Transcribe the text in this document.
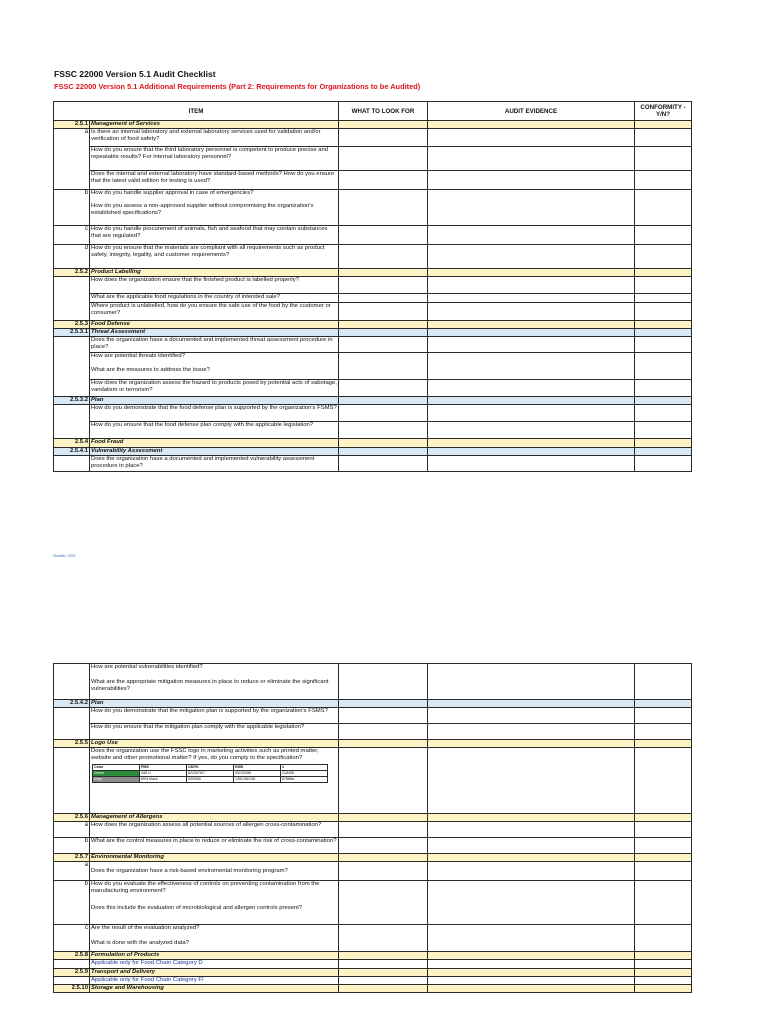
FSSC 22000 Version 5.1 Audit Checklist
FSSC 22000 Version 5.1 Additional Requirements (Part 2: Requirements for Organizations to be Audited)
ITEM		WHAT TO LOOK FOR	AUDIT EVIDENCE	CONFORMITY - Y/N?
2.5.1	Management of Services			
a	Is there an internal laboratory and external laboratory services used for validation and/or verification of food safety?			
	How do you ensure that the third laboratory personnel is competent to produce precise and repeatable results? For internal laboratory personnel?			
	Does the internal and external laboratory have standard-based methods? How do you ensure that the latest valid edition for testing is used?			
b	How do you handle supplier approval in case of emergencies?
How do you assess a non-approved supplier without compromising the organization's established specifications?			

c	How do you handle procurement of animals, fish and seafood that may contain substances that are regulated?			
d	How do you ensure that the materials are compliant with all requirements such as product safety, integrity, legality, and customer requirements?			
2.5.2	Product Labelling			
	How does the organization ensure that the finished product is labelled properly?			
	What are the applicable food regulations in the country of intended sale?			
	Where product is unlabelled, how do you ensure the safe use of the food by the customer or consumer?			
2.5.3	Food Defense			
2.5.3.1	Threat Assessment			
	Does the organization have a documented and implemented threat assessment procedure in place?			

	How are potential threats identified?
What are the measures to address the issue?			

	How does the organization assess the hazard to products posed by potential acts of sabotage, vandalism or terrorism?			
2.5.3.2	Plan			
	How do you demonstrate that the food defense plan is supported by the organization's FSMS?			
	How do you ensure that the food defense plan comply with the applicable legislation?			
2.5.4	Food Fraud			
2.5.4.1	Vulnerability Assessment			
	Does the organization have a documented and implemented vulnerability assessment procedure in place?			
Modifier: 2021

How are potential vulnerabilities identified?
What are the appropriate mitigation measures in place to reduce or eliminate the significant vulnerabilities?

2.5.4.2	Plan			
	How do you demonstrate that the mitigation plan is supported by the organization's FSMS?			
How do you ensure that the mitigation plan comply with the applicable legislation?			
2.5.5	Logo Use			

Does the organization use the FSSC logo in marketing activities such as printed matter, website and other promotional matter? If yes, do you comply to the specification?
Color	PMS	CMYK	RGB	#
Green	348 U	82/25/76/7	33/132/85	218455
Grey	60% black	0/0/0/60	135/136/138	87888a

2.5.6	Management of Allergens			
a	How does the organization assess all potential sources of allergen cross-contamination?			
b	What are the control measures in place to reduce or eliminate the risk of cross-contamination?			
2.5.7	Environmental Monitoring			
a	Does the organization have a risk-based enviromental monitoring program?			
b	How do you evaluate the effectiveness of controls on preventing contamination from the manufacturing environment?
Does this include the evaluation of microbiological and allergen controls present?

c	Are the result of the evaluation analyzed?
What is done with the analyzed data?

2.5.8	Formulation of Products			
	Applicable only for Food Chain Category D			
2.5.9	Transport and Delivery			
	Applicable only for Food Chain Category FI			
2.5.10	Storage and Warehousing			
